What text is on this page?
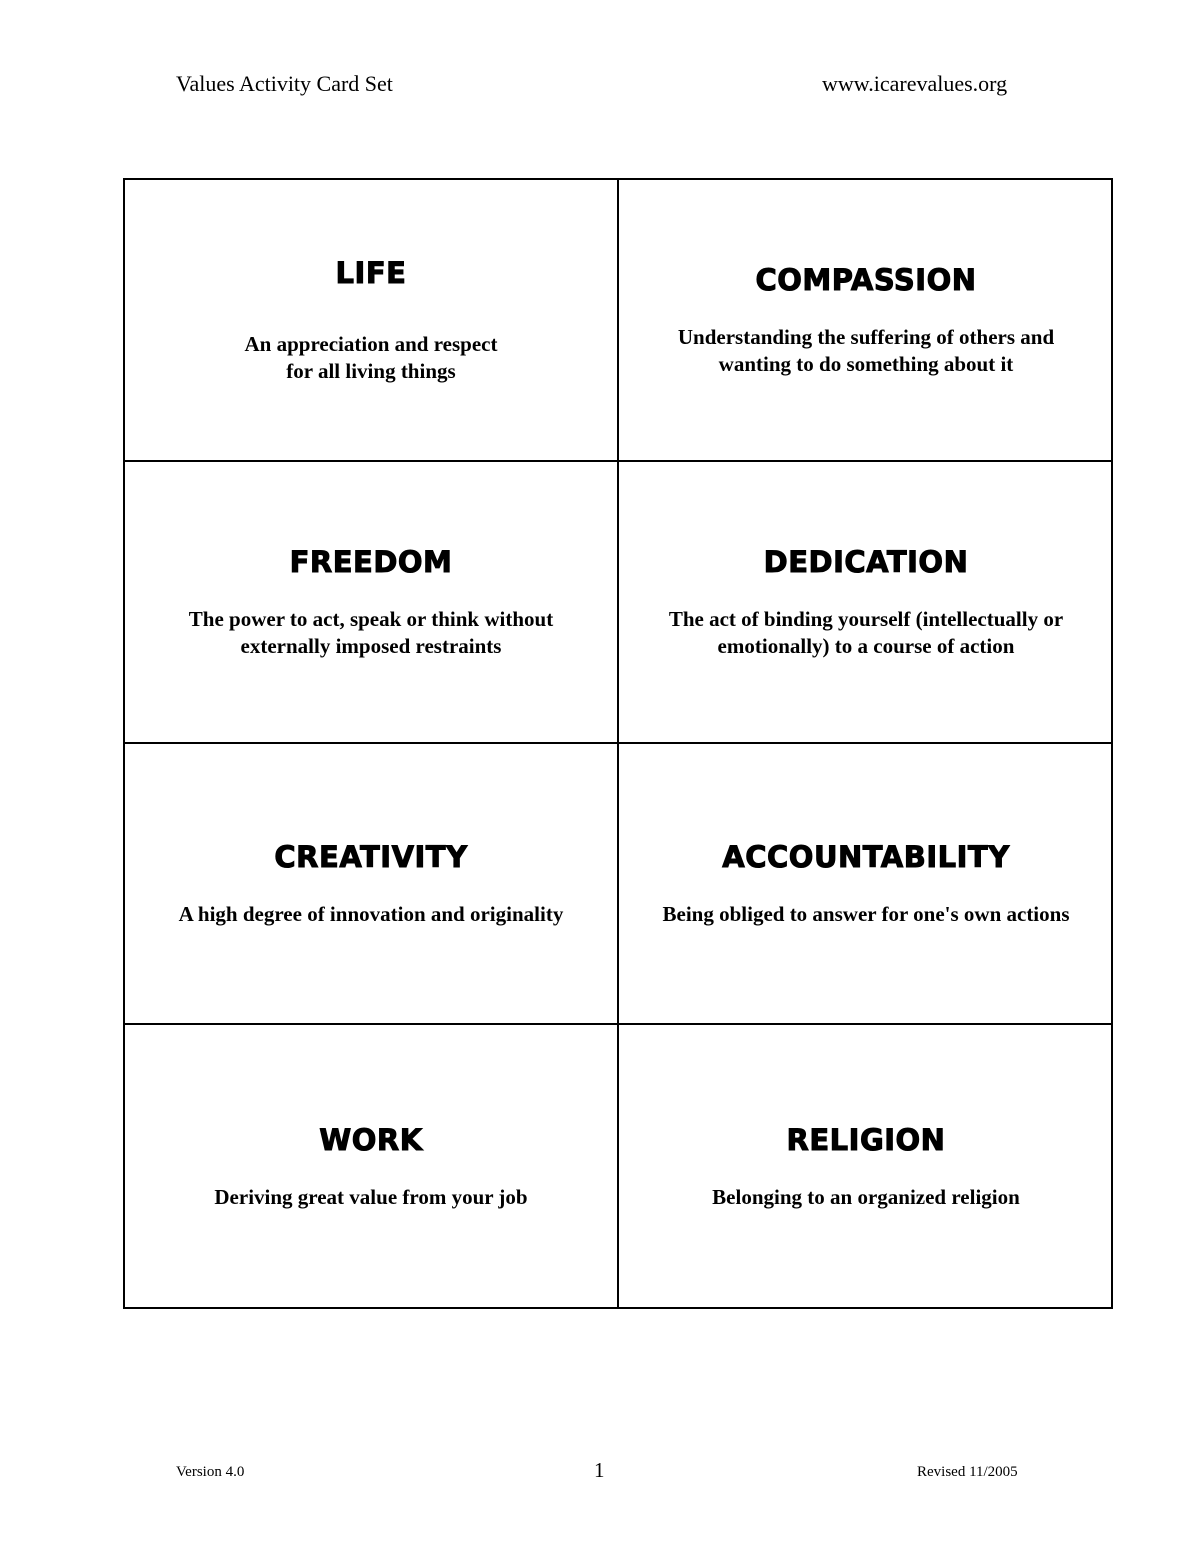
Values Activity Card Set	www.icarevalues.org
LIFE
An appreciation and respect
for all living things
COMPASSION
Understanding the suffering of others and
wanting to do something about it
FREEDOM
The power to act, speak or think without
externally imposed restraints
DEDICATION
The act of binding yourself (intellectually or
emotionally) to a course of action
CREATIVITY
A high degree of innovation and originality
ACCOUNTABILITY
Being obliged to answer for one's own actions
WORK
Deriving great value from your job
RELIGION
Belonging to an organized religion
Version 4.0	1	Revised 11/2005
